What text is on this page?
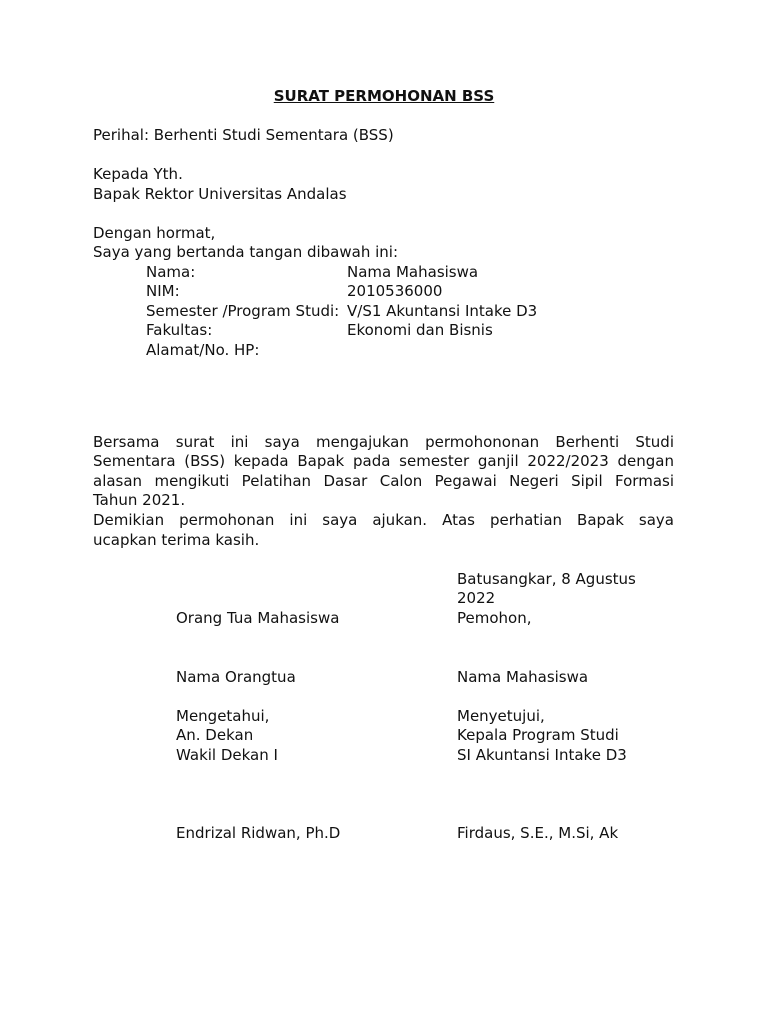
SURAT PERMOHONAN BSS

Perihal: Berhenti Studi Sementara (BSS)

Kepada Yth.

Bapak Rektor Universitas Andalas

Dengan hormat,

Saya yang bertanda tangan dibawah ini:

Nama:	Nama Mahasiswa

NIM:	2010536000

Semester /Program Studi: V/S1 Akuntansi Intake D3

Fakultas:	Ekonomi dan Bisnis

Alamat/No. HP:

Bersama surat ini saya mengajukan permohononan Berhenti Studi

Sementara (BSS) kepada Bapak pada semester ganjil 2022/2023 dengan

alasan mengikuti Pelatihan Dasar Calon Pegawai Negeri Sipil Formasi

Tahun 2021.

Demikian permohonan ini saya ajukan. Atas perhatian Bapak saya

ucapkan terima kasih.

Batusangkar, 8 Agustus

2022

Orang Tua Mahasiswa	Pemohon,

Nama Orangtua	Nama Mahasiswa

Mengetahui,	Menyetujui,

An. Dekan	Kepala Program Studi

Wakil Dekan I	SI Akuntansi Intake D3

Endrizal Ridwan, Ph.D	Firdaus, S.E., M.Si, Ak
